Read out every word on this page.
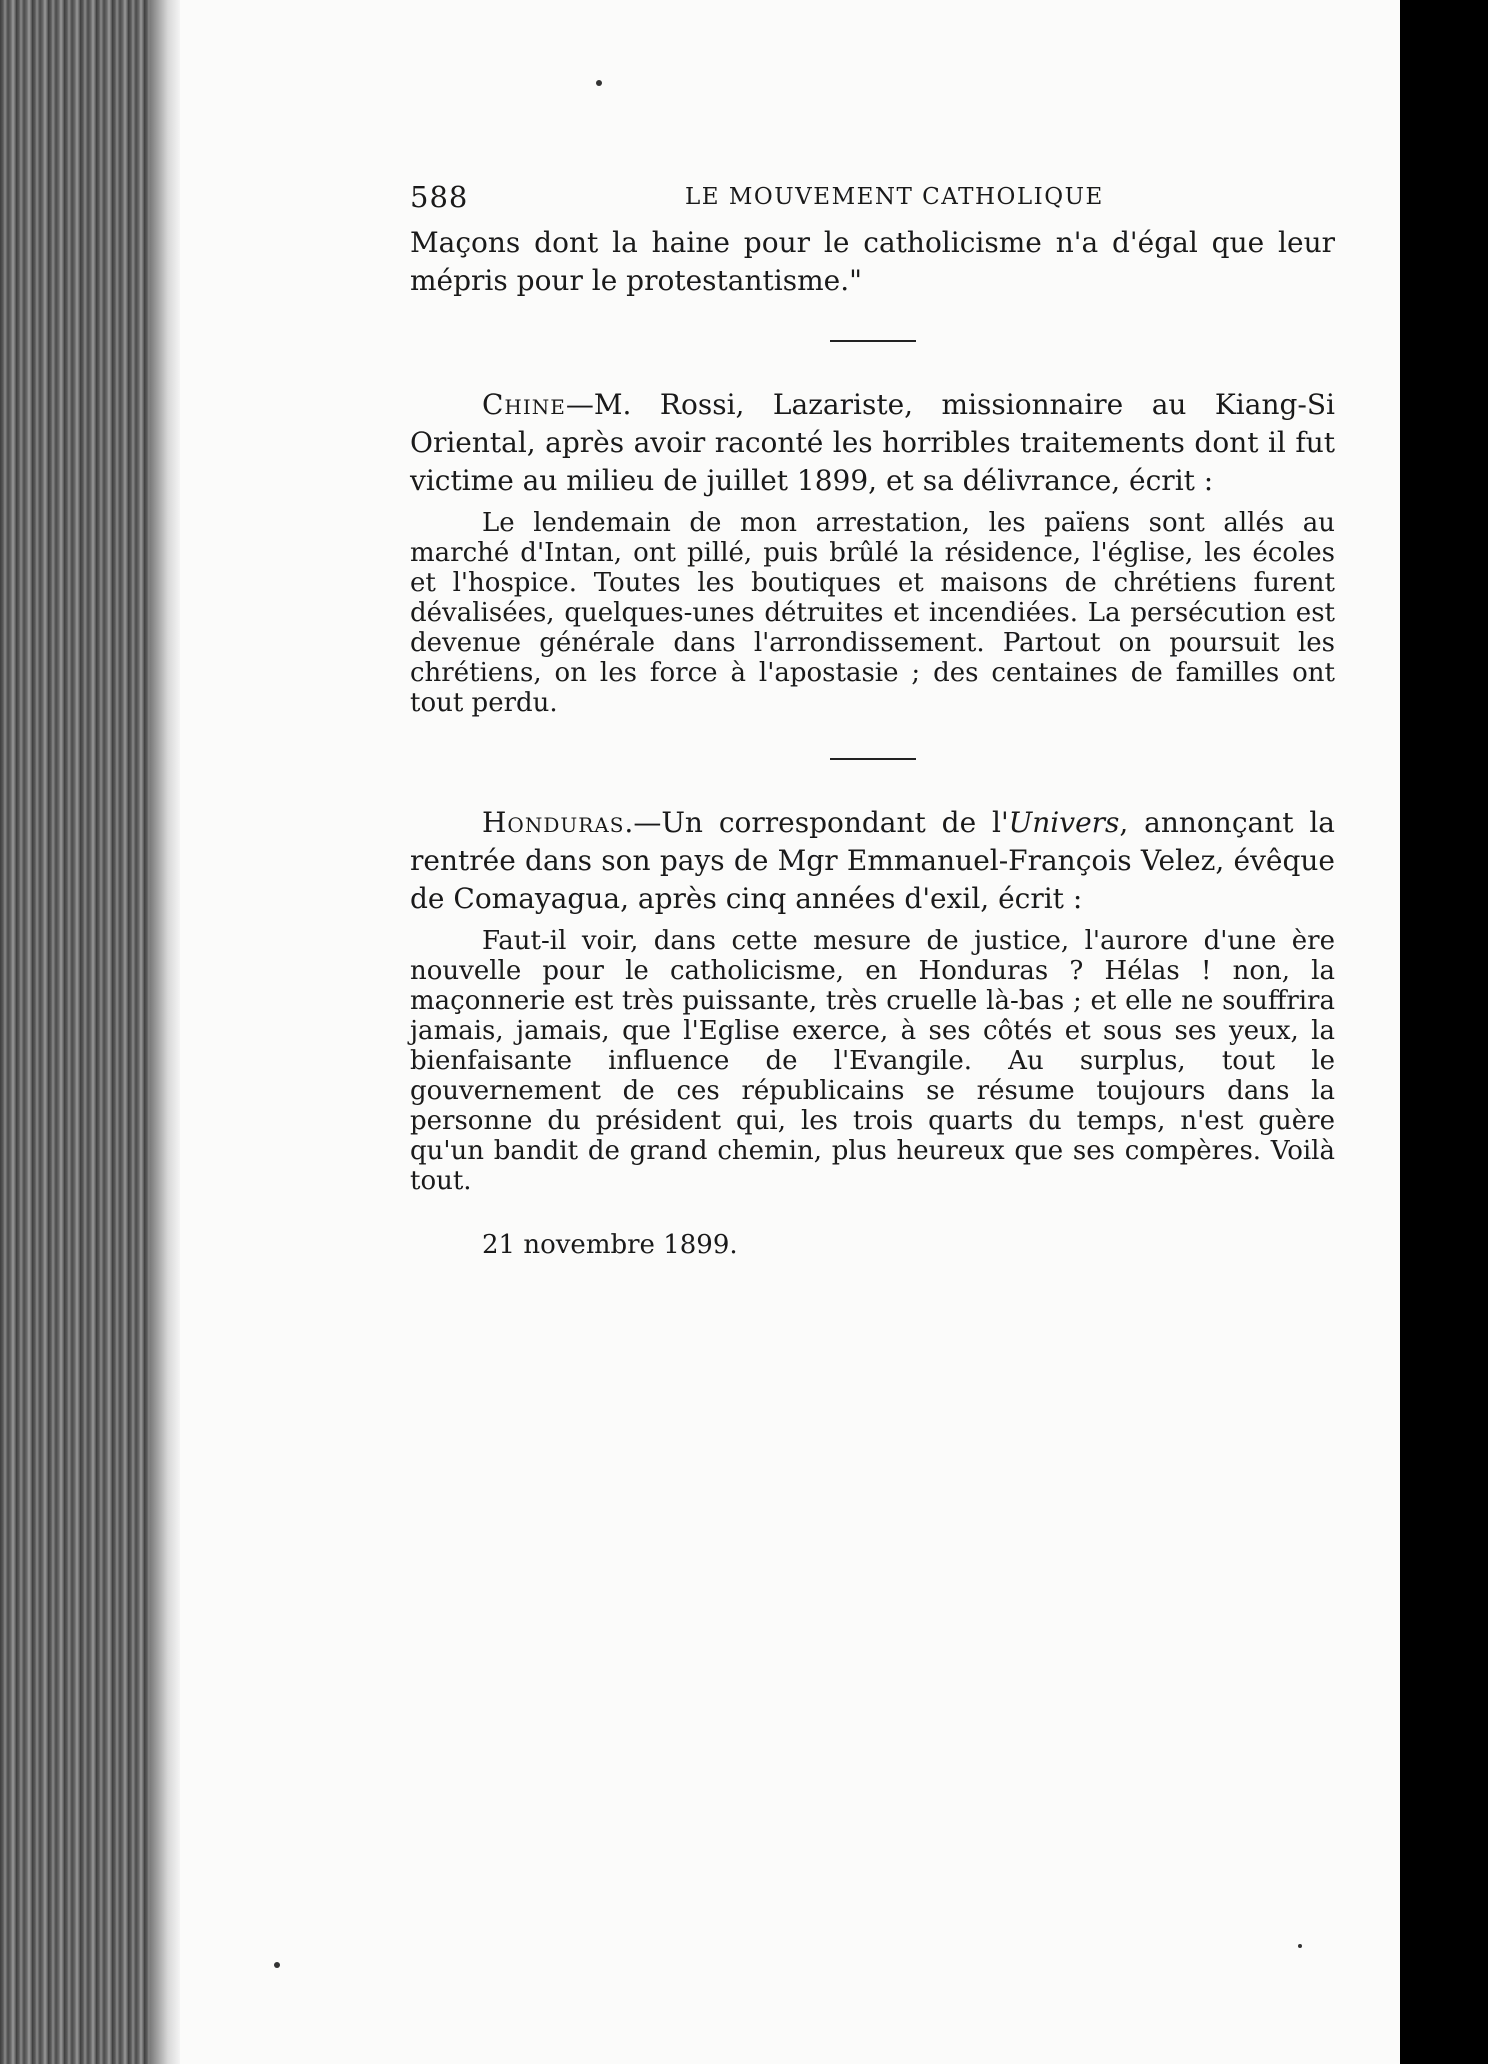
588	LE MOUVEMENT CATHOLIQUE

Maçons dont la haine pour le catholicisme n'a d'égal que leur mépris pour le protestantisme."

Chine—M. Rossi, Lazariste, missionnaire au Kiang-Si Oriental, après avoir raconté les horribles traitements dont il fut victime au milieu de juillet 1899, et sa délivrance, écrit :

Le lendemain de mon arrestation, les païens sont allés au marché d'Intan, ont pillé, puis brûlé la résidence, l'église, les écoles et l'hospice. Toutes les boutiques et maisons de chrétiens furent dévalisées, quelques-unes détruites et incendiées. La persécution est devenue générale dans l'arrondissement. Partout on poursuit les chrétiens, on les force à l'apostasie ; des centaines de familles ont tout perdu.

Honduras.—Un correspondant de l'Univers, annonçant la rentrée dans son pays de Mgr Emmanuel-François Velez, évêque de Comayagua, après cinq années d'exil, écrit :

Faut-il voir, dans cette mesure de justice, l'aurore d'une ère nouvelle pour le catholicisme, en Honduras ? Hélas ! non, la maçonnerie est très puissante, très cruelle là-bas ; et elle ne souffrira jamais, jamais, que l'Eglise exerce, à ses côtés et sous ses yeux, la bienfaisante influence de l'Evangile. Au surplus, tout le gouvernement de ces républicains se résume toujours dans la personne du président qui, les trois quarts du temps, n'est guère qu'un bandit de grand chemin, plus heureux que ses compères. Voilà tout.

21 novembre 1899.
